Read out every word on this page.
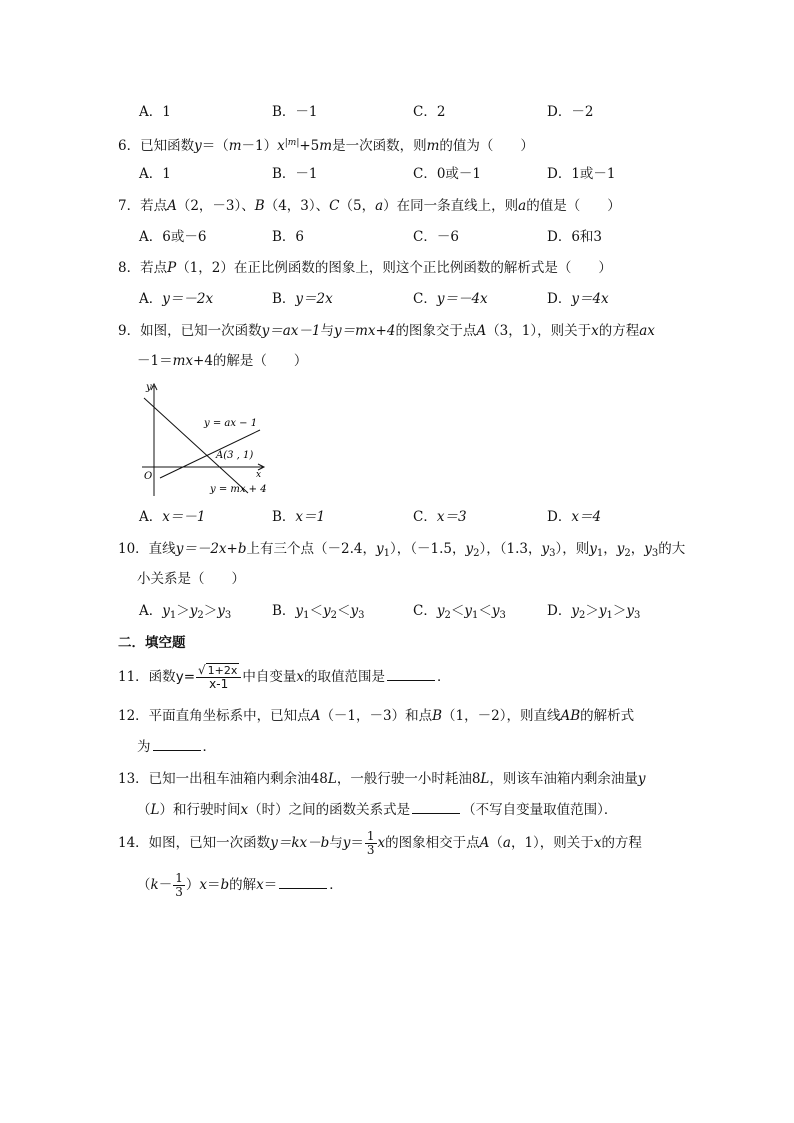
A．1	B．－1	C．2	D．－2
6．已知函数$y=(m-1)x^{|m|}+5m$是一次函数，则m的值为（　　）
A．1	B．－1	C．0或－1	D．1或－1
7．若点A（2，－3）、B（4，3）、C（5，a）在同一条直线上，则a的值是（　　）
A．6或－6	B．6	C．－6	D．6和3
8．若点P（1，2）在正比例函数的图象上，则这个正比例函数的解析式是（　　）
A．y＝－2x	B．y＝2x	C．y＝－4x	D．y＝4x
9．如图，已知一次函数y＝ax－1与y＝mx+4的图象交于点A（3，1），则关于x的方程ax
－1＝mx+4的解是（　　）
y
x
O
y = ax − 1
A(3 , 1)
y = mx + 4
A．x＝－1	B．x＝1	C．x＝3	D．x＝4
10．直线y＝－2x+b上有三个点（－2.4，$y_1$），（－1.5，$y_2$），（1.3，$y_3$），则$y_1$，$y_2$，$y_3$的大
小关系是（　　）
A．$y_1>y_2>y_3$	B．$y_1<y_2<y_3$	C．$y_2<y_1<y_3$	D．$y_2>y_1>y_3$
二．填空题
11．函数$y= \frac{√ 1+2x}{x-1}$ 中自变量x的取值范围是	．
12．平面直角坐标系中，已知点A（－1，－3）和点B（1，－2），则直线AB的解析式
为	．
13．已知一出租车油箱内剩余油48L，一般行驶一小时耗油8L，则该车油箱内剩余油量y
（L）和行驶时间x（时）之间的函数关系式是	（不写自变量取值范围）．
14．如图，已知一次函数y＝kx－b与$y= \frac{1}{3}$ x的图象相交于点A（a，1），则关于x的方程
$(k- \frac{1}{3} )x=b$的解x＝	．
